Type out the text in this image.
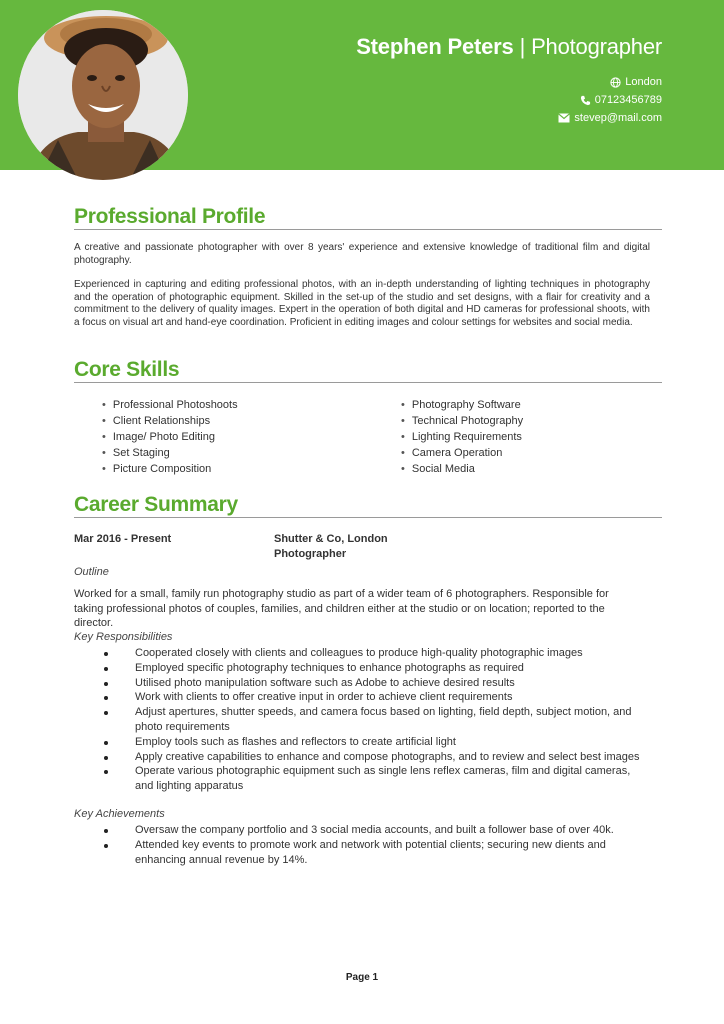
Stephen Peters | Photographer
London
07123456789
stevep@mail.com
Professional Profile
A creative and passionate photographer with over 8 years' experience and extensive knowledge of traditional film and digital photography.
Experienced in capturing and editing professional photos, with an in-depth understanding of lighting techniques in photography and the operation of photographic equipment. Skilled in the set-up of the studio and set designs, with a flair for creativity and a commitment to the delivery of quality images. Expert in the operation of both digital and HD cameras for professional shoots, with a focus on visual art and hand-eye coordination. Proficient in editing images and colour settings for websites and social media.
Core Skills
• Professional Photoshoots
• Client Relationships
• Image/ Photo Editing
• Set Staging
• Picture Composition
• Photography Software
• Technical Photography
• Lighting Requirements
• Camera Operation
• Social Media
Career Summary
Mar 2016 - Present	Shutter & Co, London
Photographer
Outline
Worked for a small, family run photography studio as part of a wider team of 6 photographers. Responsible for taking professional photos of couples, families, and children either at the studio or on location; reported to the director.
Key Responsibilities
Cooperated closely with clients and colleagues to produce high-quality photographic images
Employed specific photography techniques to enhance photographs as required
Utilised photo manipulation software such as Adobe to achieve desired results
Work with clients to offer creative input in order to achieve client requirements
Adjust apertures, shutter speeds, and camera focus based on lighting, field depth, subject motion, and photo requirements
Employ tools such as flashes and reflectors to create artificial light
Apply creative capabilities to enhance and compose photographs, and to review and select best images
Operate various photographic equipment such as single lens reflex cameras, film and digital cameras, and lighting apparatus
Key Achievements
Oversaw the company portfolio and 3 social media accounts, and built a follower base of over 40k.
Attended key events to promote work and network with potential clients; securing new dients and enhancing annual revenue by 14%.
Page 1
